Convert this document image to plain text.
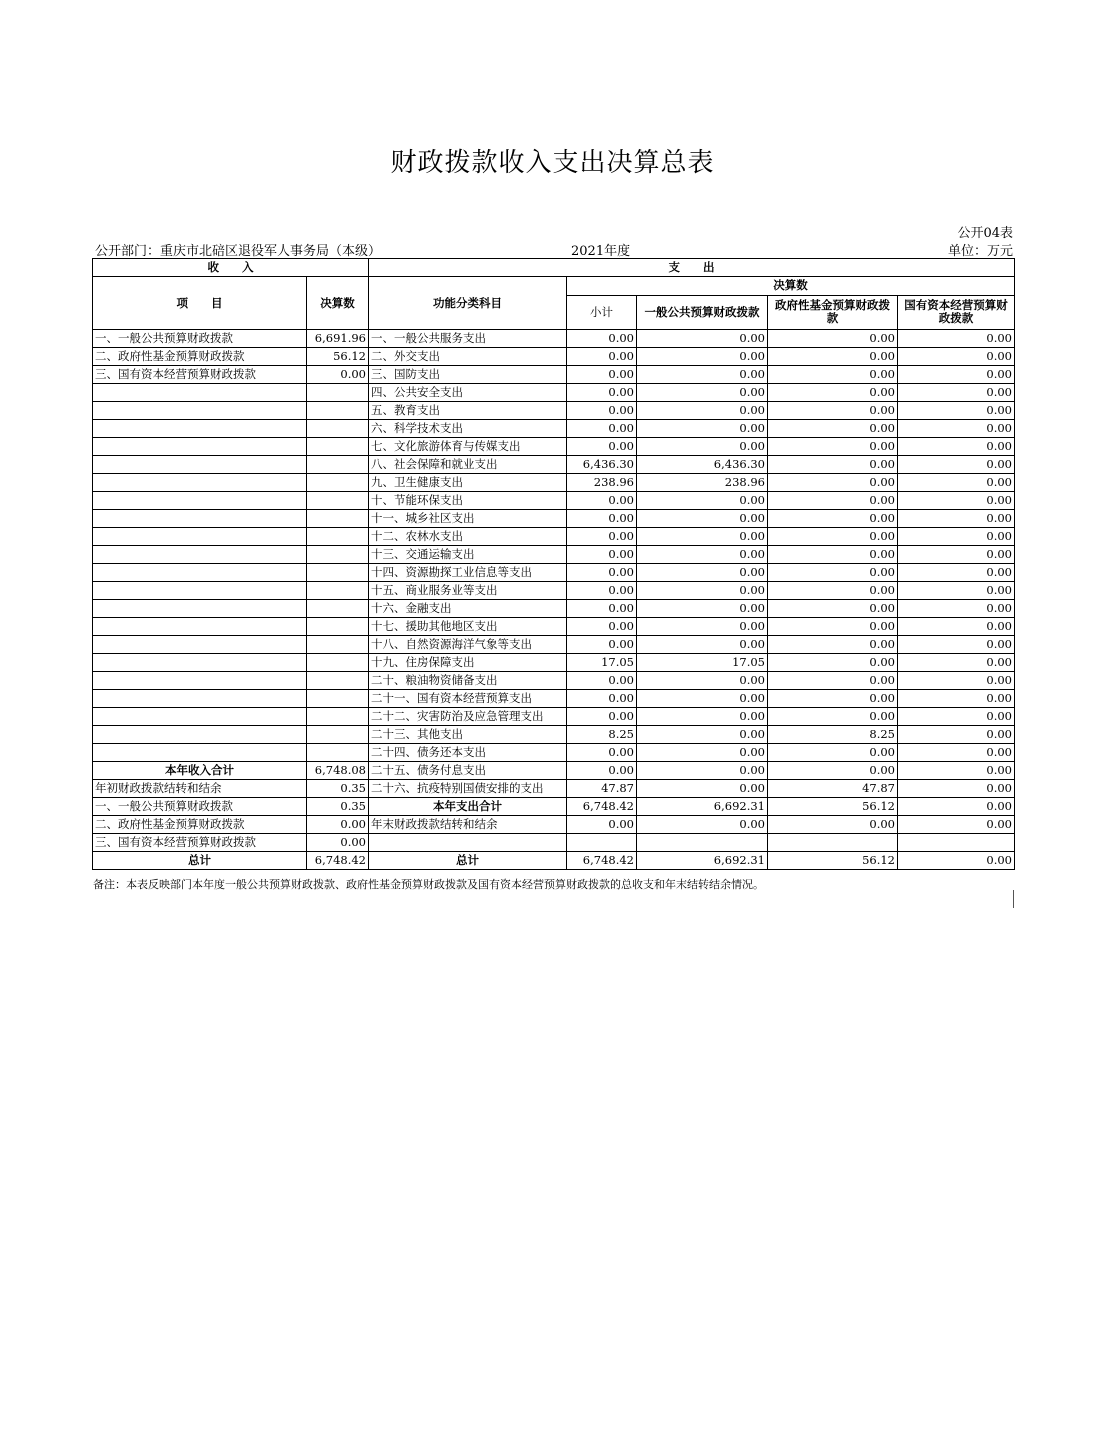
财政拨款收入支出决算总表
公开04表
公开部门：重庆市北碚区退役军人事务局（本级）	2021年度	单位：万元
收　　入		支　　出				
项　　目	决算数	功能分类科目	决算数			
			小计	一般公共预算财政拨款	政府性基金预算财政拨款	国有资本经营预算财政拨款
一、一般公共预算财政拨款	6,691.96	一、一般公共服务支出	0.00	0.00	0.00	0.00
二、政府性基金预算财政拨款	56.12	二、外交支出	0.00	0.00	0.00	0.00
三、国有资本经营预算财政拨款	0.00	三、国防支出	0.00	0.00	0.00	0.00
		四、公共安全支出	0.00	0.00	0.00	0.00
		五、教育支出	0.00	0.00	0.00	0.00
		六、科学技术支出	0.00	0.00	0.00	0.00
		七、文化旅游体育与传媒支出	0.00	0.00	0.00	0.00
		八、社会保障和就业支出	6,436.30	6,436.30	0.00	0.00
		九、卫生健康支出	238.96	238.96	0.00	0.00
		十、节能环保支出	0.00	0.00	0.00	0.00
		十一、城乡社区支出	0.00	0.00	0.00	0.00
		十二、农林水支出	0.00	0.00	0.00	0.00
		十三、交通运输支出	0.00	0.00	0.00	0.00
		十四、资源勘探工业信息等支出	0.00	0.00	0.00	0.00
		十五、商业服务业等支出	0.00	0.00	0.00	0.00
		十六、金融支出	0.00	0.00	0.00	0.00
		十七、援助其他地区支出	0.00	0.00	0.00	0.00
		十八、自然资源海洋气象等支出	0.00	0.00	0.00	0.00
		十九、住房保障支出	17.05	17.05	0.00	0.00
		二十、粮油物资储备支出	0.00	0.00	0.00	0.00
		二十一、国有资本经营预算支出	0.00	0.00	0.00	0.00
		二十二、灾害防治及应急管理支出	0.00	0.00	0.00	0.00
		二十三、其他支出	8.25	0.00	8.25	0.00
		二十四、债务还本支出	0.00	0.00	0.00	0.00
本年收入合计	6,748.08	二十五、债务付息支出	0.00	0.00	0.00	0.00
年初财政拨款结转和结余	0.35	二十六、抗疫特别国债安排的支出	47.87	0.00	47.87	0.00
一、一般公共预算财政拨款	0.35	本年支出合计	6,748.42	6,692.31	56.12	0.00
二、政府性基金预算财政拨款	0.00	年末财政拨款结转和结余	0.00	0.00	0.00	0.00
三、国有资本经营预算财政拨款	0.00					
总计	6,748.42	总计	6,748.42	6,692.31	56.12	0.00
备注：本表反映部门本年度一般公共预算财政拨款、政府性基金预算财政拨款及国有资本经营预算财政拨款的总收支和年末结转结余情况。
